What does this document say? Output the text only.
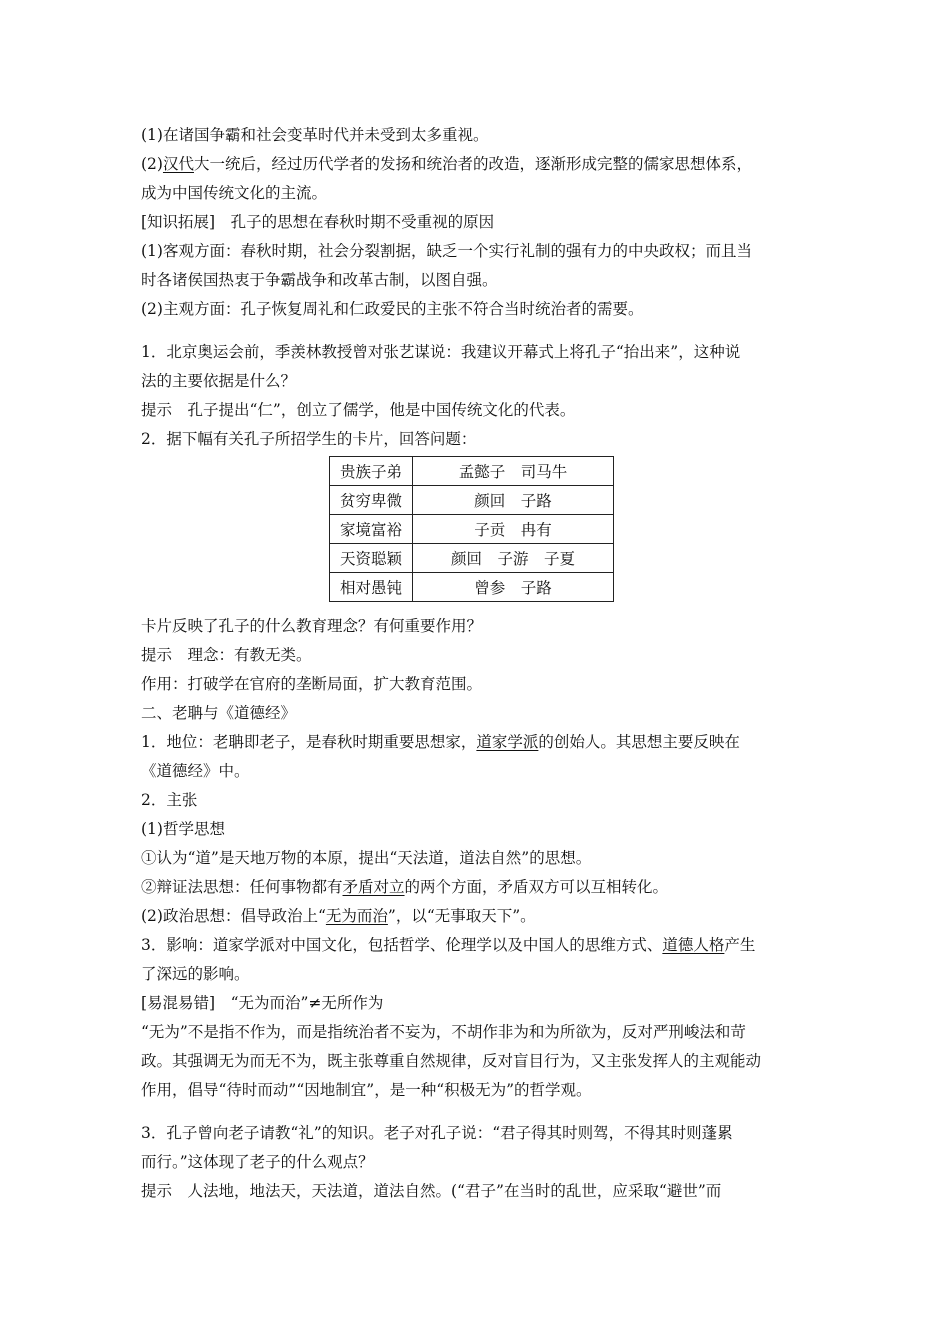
(1)在诸国争霸和社会变革时代并未受到太多重视。
(2)汉代大一统后，经过历代学者的发扬和统治者的改造，逐渐形成完整的儒家思想体系，
成为中国传统文化的主流。
[知识拓展]　孔子的思想在春秋时期不受重视的原因
(1)客观方面：春秋时期，社会分裂割据，缺乏一个实行礼制的强有力的中央政权；而且当
时各诸侯国热衷于争霸战争和改革古制，以图自强。
(2)主观方面：孔子恢复周礼和仁政爱民的主张不符合当时统治者的需要。
1．北京奥运会前，季羡林教授曾对张艺谋说：我建议开幕式上将孔子“抬出来”，这种说
法的主要依据是什么？
提示　孔子提出“仁”，创立了儒学，他是中国传统文化的代表。
2．据下幅有关孔子所招学生的卡片，回答问题：
贵族子弟	孟懿子　司马牛
贫穷卑微	颜回　子路
家境富裕	子贡　冉有
天资聪颖	颜回　子游　子夏
相对愚钝	曾参　子路
卡片反映了孔子的什么教育理念？有何重要作用？
提示　理念：有教无类。
作用：打破学在官府的垄断局面，扩大教育范围。
二、老聃与《道德经》
1．地位：老聃即老子，是春秋时期重要思想家，道家学派的创始人。其思想主要反映在
《道德经》中。
2．主张
(1)哲学思想
①认为“道”是天地万物的本原，提出“天法道，道法自然”的思想。
②辩证法思想：任何事物都有矛盾对立的两个方面，矛盾双方可以互相转化。
(2)政治思想：倡导政治上“无为而治”，以“无事取天下”。
3．影响：道家学派对中国文化，包括哲学、伦理学以及中国人的思维方式、道德人格产生
了深远的影响。
[易混易错]　“无为而治”≠无所作为
“无为”不是指不作为，而是指统治者不妄为，不胡作非为和为所欲为，反对严刑峻法和苛
政。其强调无为而无不为，既主张尊重自然规律，反对盲目行为，又主张发挥人的主观能动
作用，倡导“待时而动”“因地制宜”，是一种“积极无为”的哲学观。
3．孔子曾向老子请教“礼”的知识。老子对孔子说：“君子得其时则驾，不得其时则蓬累
而行。”这体现了老子的什么观点？
提示　人法地，地法天，天法道，道法自然。(“君子”在当时的乱世，应采取“避世”而
